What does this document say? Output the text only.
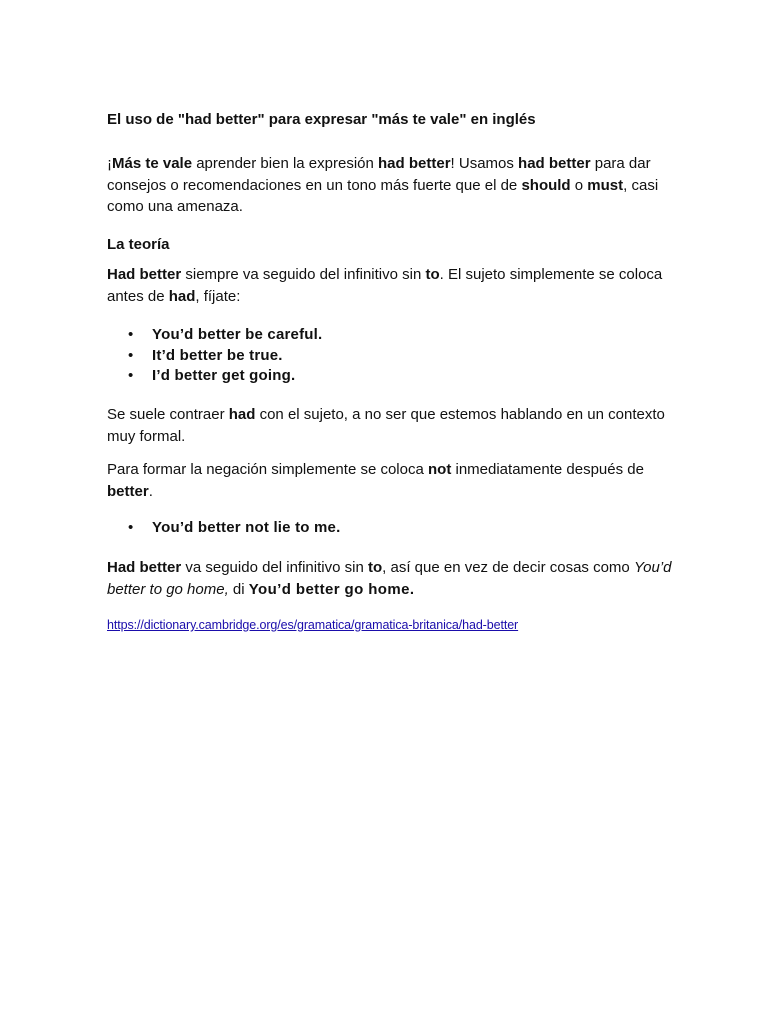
El uso de "had better" para expresar "más te vale" en inglés

¡Más te vale aprender bien la expresión had better! Usamos had better para dar consejos o recomendaciones en un tono más fuerte que el de should o must, casi como una amenaza.

La teoría

Had better siempre va seguido del infinitivo sin to. El sujeto simplemente se coloca antes de had, fíjate:

• You’d better be careful.
• It’d better be true.
• I’d better get going.

Se suele contraer had con el sujeto, a no ser que estemos hablando en un contexto muy formal.

Para formar la negación simplemente se coloca not inmediatamente después de better.

• You’d better not lie to me.

Had better va seguido del infinitivo sin to, así que en vez de decir cosas como You’d better to go home, di You’d better go home.

https://dictionary.cambridge.org/es/gramatica/gramatica-britanica/had-better
